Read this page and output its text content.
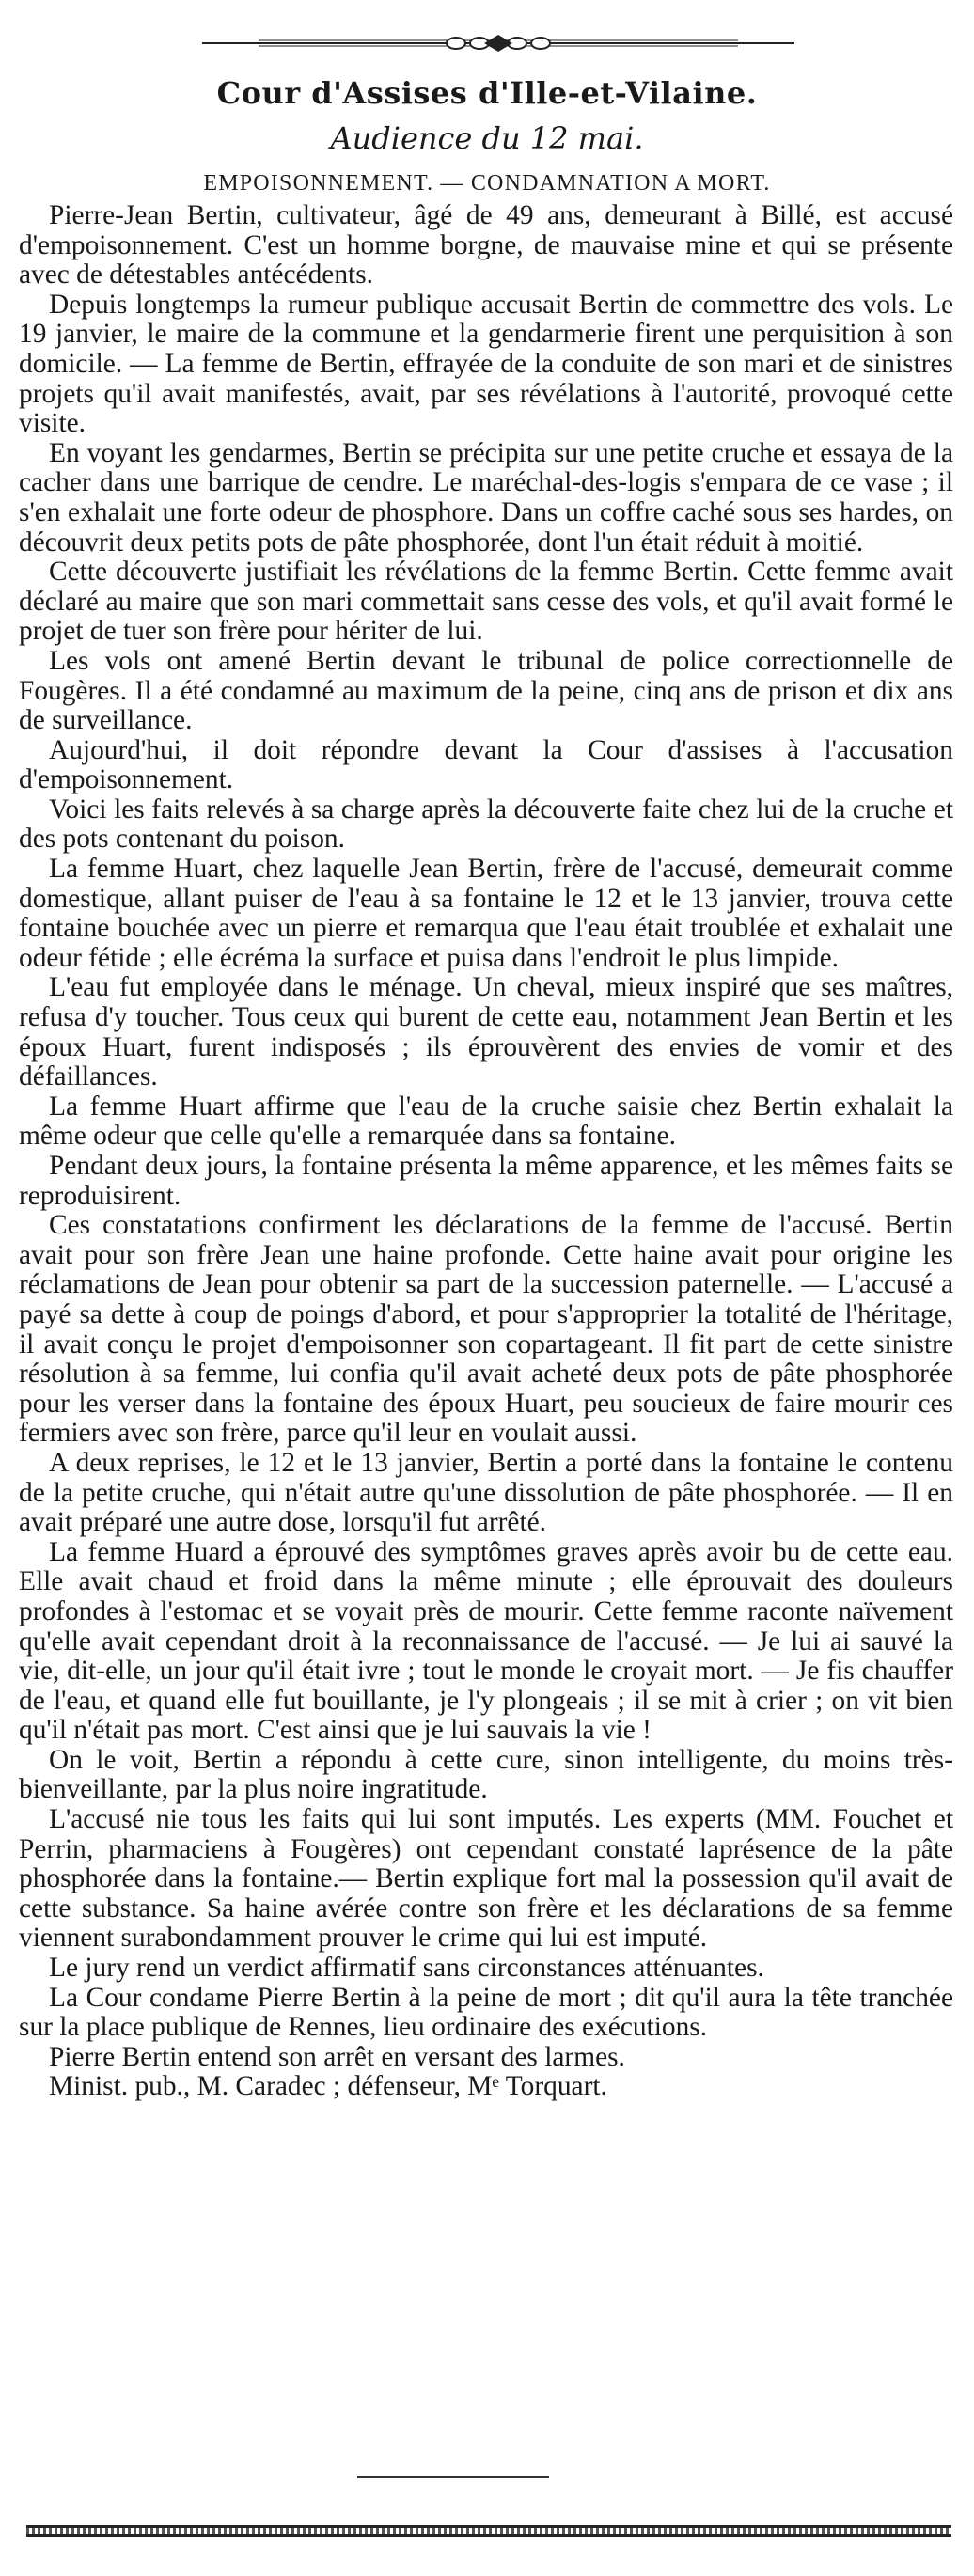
Cour d'Assises d'Ille-et-Vilaine.
Audience du 12 mai.
EMPOISONNEMENT. — CONDAMNATION A MORT.

Pierre-Jean Bertin, cultivateur, âgé de 49 ans, demeurant à Billé, est accusé d'empoisonnement. C'est un homme borgne, de mauvaise mine et qui se présente avec de détestables antécédents.

Depuis longtemps la rumeur publique accusait Bertin de commettre des vols. Le 19 janvier, le maire de la commune et la gendarmerie firent une perquisition à son domicile. — La femme de Bertin, effrayée de la conduite de son mari et de sinistres projets qu'il avait manifestés, avait, par ses révélations à l'autorité, provoqué cette visite.

En voyant les gendarmes, Bertin se précipita sur une petite cruche et essaya de la cacher dans une barrique de cendre. Le maréchal-des-logis s'empara de ce vase ; il s'en exhalait une forte odeur de phosphore. Dans un coffre caché sous ses hardes, on découvrit deux petits pots de pâte phosphorée, dont l'un était réduit à moitié.

Cette découverte justifiait les révélations de la femme Bertin. Cette femme avait déclaré au maire que son mari commettait sans cesse des vols, et qu'il avait formé le projet de tuer son frère pour hériter de lui.

Les vols ont amené Bertin devant le tribunal de police correctionnelle de Fougères. Il a été condamné au maximum de la peine, cinq ans de prison et dix ans de surveillance.

Aujourd'hui, il doit répondre devant la Cour d'assises à l'accusation d'empoisonnement.

Voici les faits relevés à sa charge après la découverte faite chez lui de la cruche et des pots contenant du poison.

La femme Huart, chez laquelle Jean Bertin, frère de l'accusé, demeurait comme domestique, allant puiser de l'eau à sa fontaine le 12 et le 13 janvier, trouva cette fontaine bouchée avec un pierre et remarqua que l'eau était troublée et exhalait une odeur fétide ; elle écréma la surface et puisa dans l'endroit le plus limpide.

L'eau fut employée dans le ménage. Un cheval, mieux inspiré que ses maîtres, refusa d'y toucher. Tous ceux qui burent de cette eau, notamment Jean Bertin et les époux Huart, furent indisposés ; ils éprouvèrent des envies de vomir et des défaillances.

La femme Huart affirme que l'eau de la cruche saisie chez Bertin exhalait la même odeur que celle qu'elle a remarquée dans sa fontaine.

Pendant deux jours, la fontaine présenta la même apparence, et les mêmes faits se reproduisirent.

Ces constatations confirment les déclarations de la femme de l'accusé. Bertin avait pour son frère Jean une haine profonde. Cette haine avait pour origine les réclamations de Jean pour obtenir sa part de la succession paternelle. — L'accusé a payé sa dette à coup de poings d'abord, et pour s'approprier la totalité de l'héritage, il avait conçu le projet d'empoisonner son copartageant. Il fit part de cette sinistre résolution à sa femme, lui confia qu'il avait acheté deux pots de pâte phosphorée pour les verser dans la fontaine des époux Huart, peu soucieux de faire mourir ces fermiers avec son frère, parce qu'il leur en voulait aussi.

A deux reprises, le 12 et le 13 janvier, Bertin a porté dans la fontaine le contenu de la petite cruche, qui n'était autre qu'une dissolution de pâte phosphorée. — Il en avait préparé une autre dose, lorsqu'il fut arrêté.

La femme Huard a éprouvé des symptômes graves après avoir bu de cette eau. Elle avait chaud et froid dans la même minute ; elle éprouvait des douleurs profondes à l'estomac et se voyait près de mourir. Cette femme raconte naïvement qu'elle avait cependant droit à la reconnaissance de l'accusé. — Je lui ai sauvé la vie, dit-elle, un jour qu'il était ivre ; tout le monde le croyait mort. — Je fis chauffer de l'eau, et quand elle fut bouillante, je l'y plongeais ; il se mit à crier ; on vit bien qu'il n'était pas mort. C'est ainsi que je lui sauvais la vie !

On le voit, Bertin a répondu à cette cure, sinon intelligente, du moins très-bienveillante, par la plus noire ingratitude.

L'accusé nie tous les faits qui lui sont imputés. Les experts (MM. Fouchet et Perrin, pharmaciens à Fougères) ont cependant constaté laprésence de la pâte phosphorée dans la fontaine.— Bertin explique fort mal la possession qu'il avait de cette substance. Sa haine avérée contre son frère et les déclarations de sa femme viennent surabondamment prouver le crime qui lui est imputé.

Le jury rend un verdict affirmatif sans circonstances atténuantes.

La Cour condame Pierre Bertin à la peine de mort ; dit qu'il aura la tête tranchée sur la place publique de Rennes, lieu ordinaire des exécutions.

Pierre Bertin entend son arrêt en versant des larmes.

Minist. pub., M. Caradec ; défenseur, Mᵉ Torquart.
